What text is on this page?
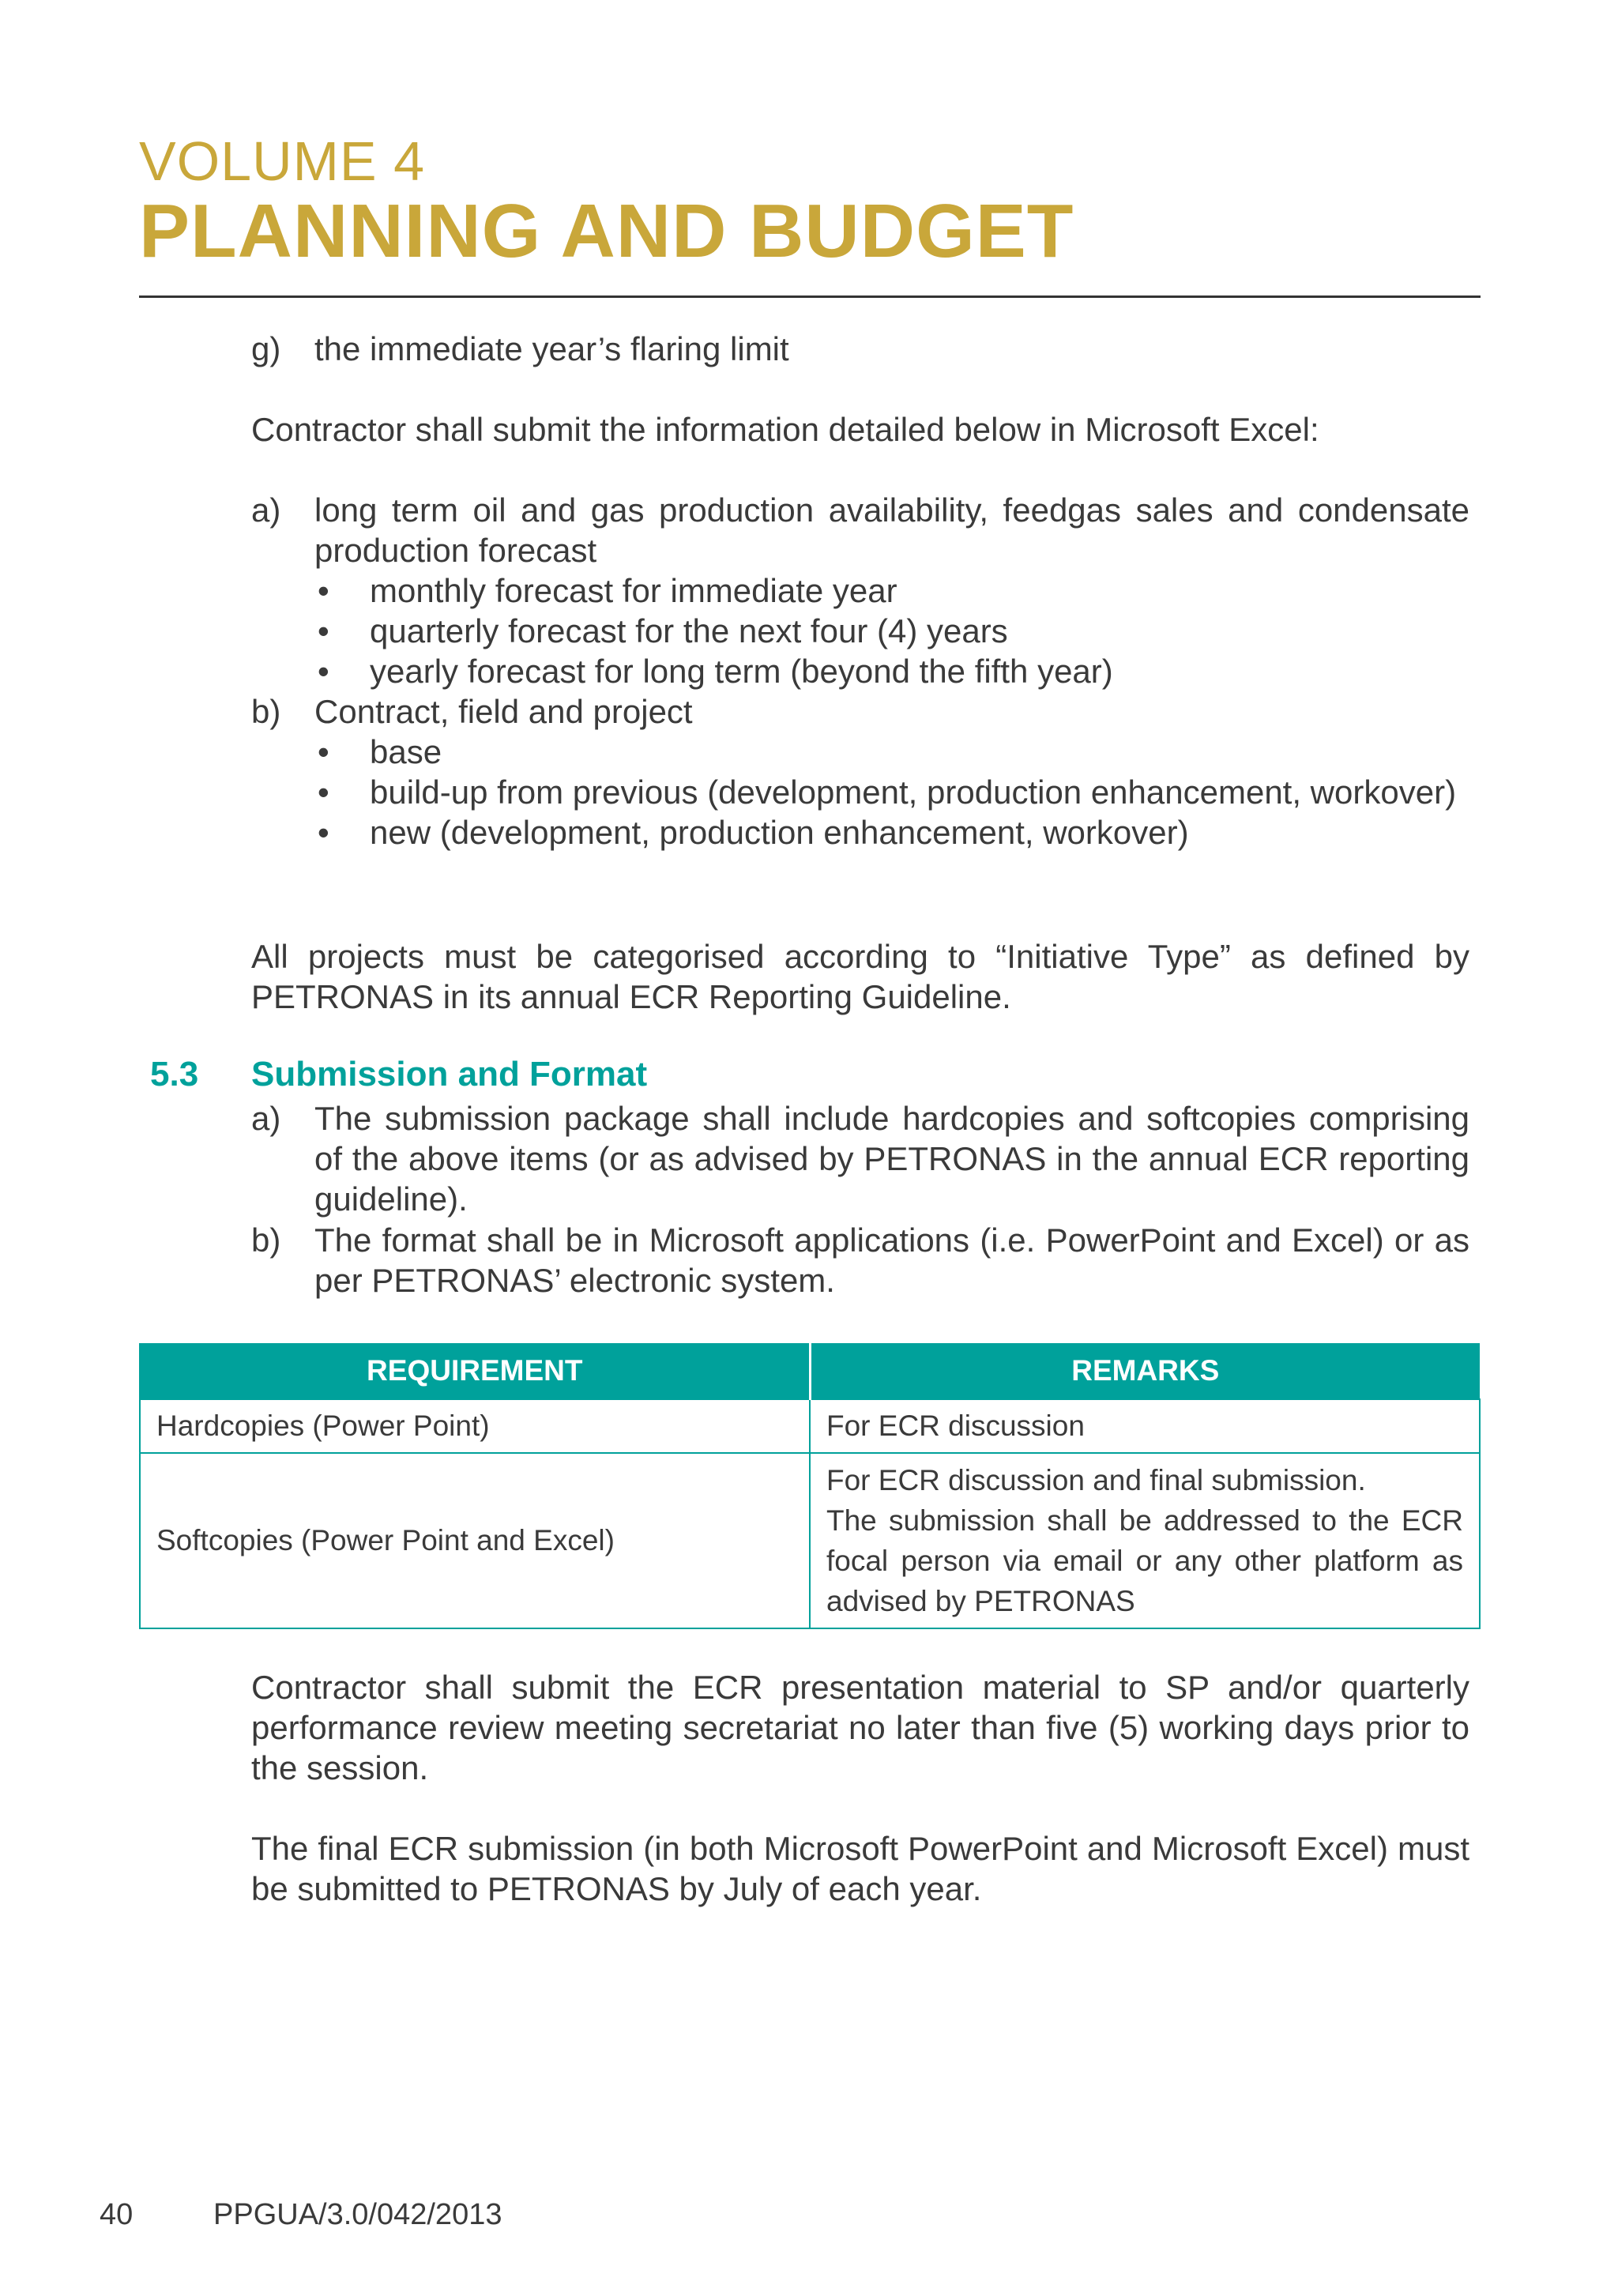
VOLUME 4
PLANNING AND BUDGET
g) the immediate year’s flaring limit
Contractor shall submit the information detailed below in Microsoft Excel:
a) long term oil and gas production availability, feedgas sales and condensate production forecast
• monthly forecast for immediate year
• quarterly forecast for the next four (4) years
• yearly forecast for long term (beyond the fifth year)
b) Contract, field and project
• base
• build-up from previous (development, production enhancement, workover)
• new (development, production enhancement, workover)
All projects must be categorised according to “Initiative Type” as defined by PETRONAS in its annual ECR Reporting Guideline.
5.3 Submission and Format
a) The submission package shall include hardcopies and softcopies comprising of the above items (or as advised by PETRONAS in the annual ECR reporting guideline).
b) The format shall be in Microsoft applications (i.e. PowerPoint and Excel) or as per PETRONAS’ electronic system.
REQUIREMENT	REMARKS
Hardcopies (Power Point)	For ECR discussion
Softcopies (Power Point and Excel)	For ECR discussion and final submission.
The submission shall be addressed to the ECR focal person via email or any other platform as advised by PETRONAS
Contractor shall submit the ECR presentation material to SP and/or quarterly performance review meeting secretariat no later than five (5) working days prior to the session.
The final ECR submission (in both Microsoft PowerPoint and Microsoft Excel) must be submitted to PETRONAS by July of each year.
40	PPGUA/3.0/042/2013
